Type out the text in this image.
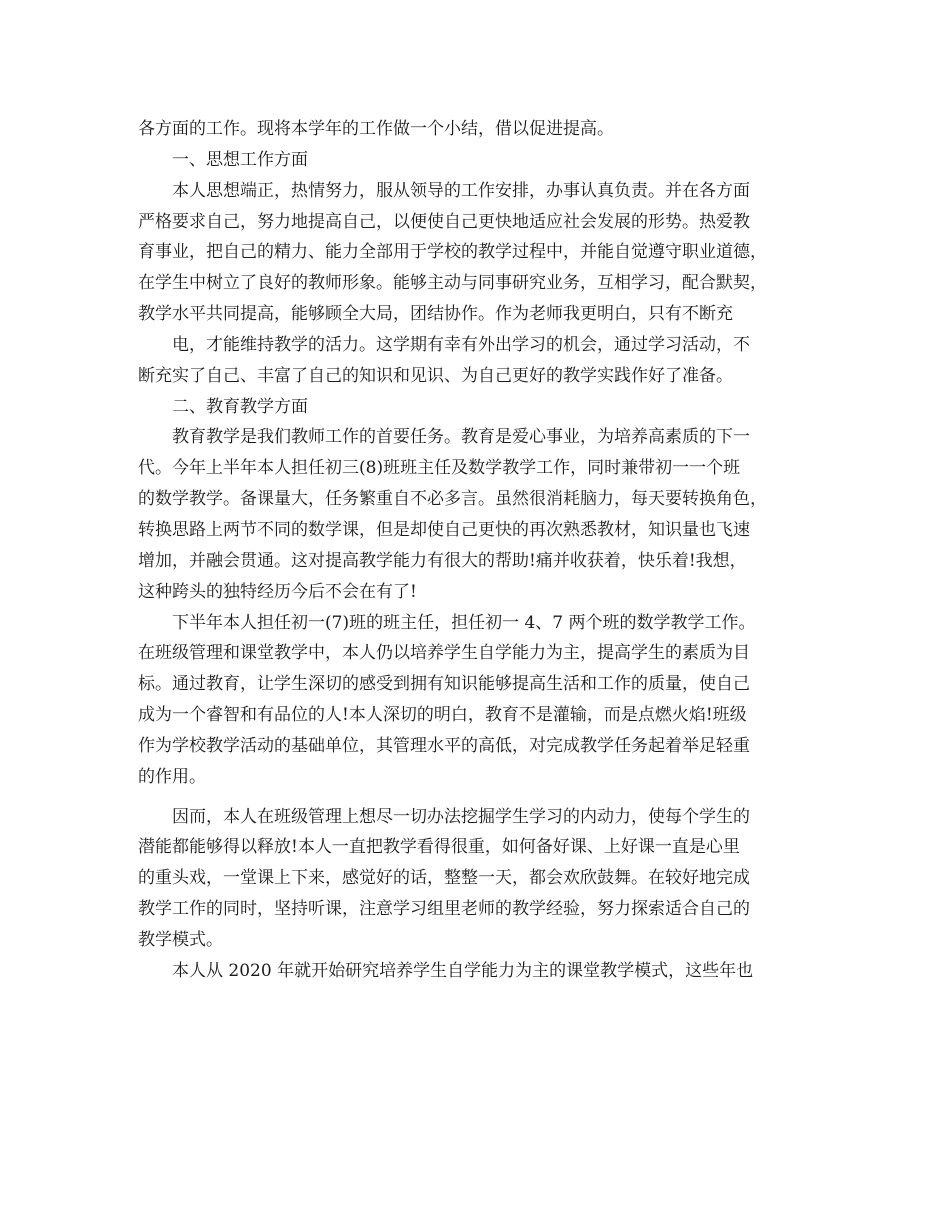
各方面的工作。现将本学年的工作做一个小结，借以促进提高。
一、思想工作方面
本人思想端正，热情努力，服从领导的工作安排，办事认真负责。并在各方面
严格要求自己，努力地提高自己，以便使自己更快地适应社会发展的形势。热爱教
育事业，把自己的精力、能力全部用于学校的教学过程中，并能自觉遵守职业道德，
在学生中树立了良好的教师形象。能够主动与同事研究业务，互相学习，配合默契，
教学水平共同提高，能够顾全大局，团结协作。作为老师我更明白，只有不断充
电，才能维持教学的活力。这学期有幸有外出学习的机会，通过学习活动，不
断充实了自己、丰富了自己的知识和见识、为自己更好的教学实践作好了准备。
二、教育教学方面
教育教学是我们教师工作的首要任务。教育是爱心事业，为培养高素质的下一
代。今年上半年本人担任初三(8)班班主任及数学教学工作，同时兼带初一一个班
的数学教学。备课量大，任务繁重自不必多言。虽然很消耗脑力，每天要转换角色，
转换思路上两节不同的数学课，但是却使自己更快的再次熟悉教材，知识量也飞速
增加，并融会贯通。这对提高教学能力有很大的帮助!痛并收获着，快乐着!我想，
这种跨头的独特经历今后不会在有了!
下半年本人担任初一(7)班的班主任，担任初一 4、7 两个班的数学教学工作。
在班级管理和课堂教学中，本人仍以培养学生自学能力为主，提高学生的素质为目
标。通过教育，让学生深切的感受到拥有知识能够提高生活和工作的质量，使自己
成为一个睿智和有品位的人!本人深切的明白，教育不是灌输，而是点燃火焰!班级
作为学校教学活动的基础单位，其管理水平的高低，对完成教学任务起着举足轻重
的作用。
因而，本人在班级管理上想尽一切办法挖掘学生学习的内动力，使每个学生的
潜能都能够得以释放!本人一直把教学看得很重，如何备好课、上好课一直是心里
的重头戏，一堂课上下来，感觉好的话，整整一天，都会欢欣鼓舞。在较好地完成
教学工作的同时，坚持听课，注意学习组里老师的教学经验，努力探索适合自己的
教学模式。
本人从 2020 年就开始研究培养学生自学能力为主的课堂教学模式，这些年也
